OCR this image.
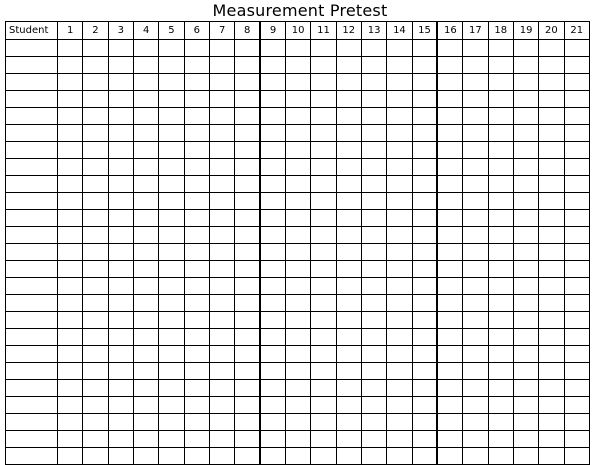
Measurement Pretest
Student	1	2	3	4	5	6	7	8	9	10	11	12	13	14	15	16	17	18	19	20	21
